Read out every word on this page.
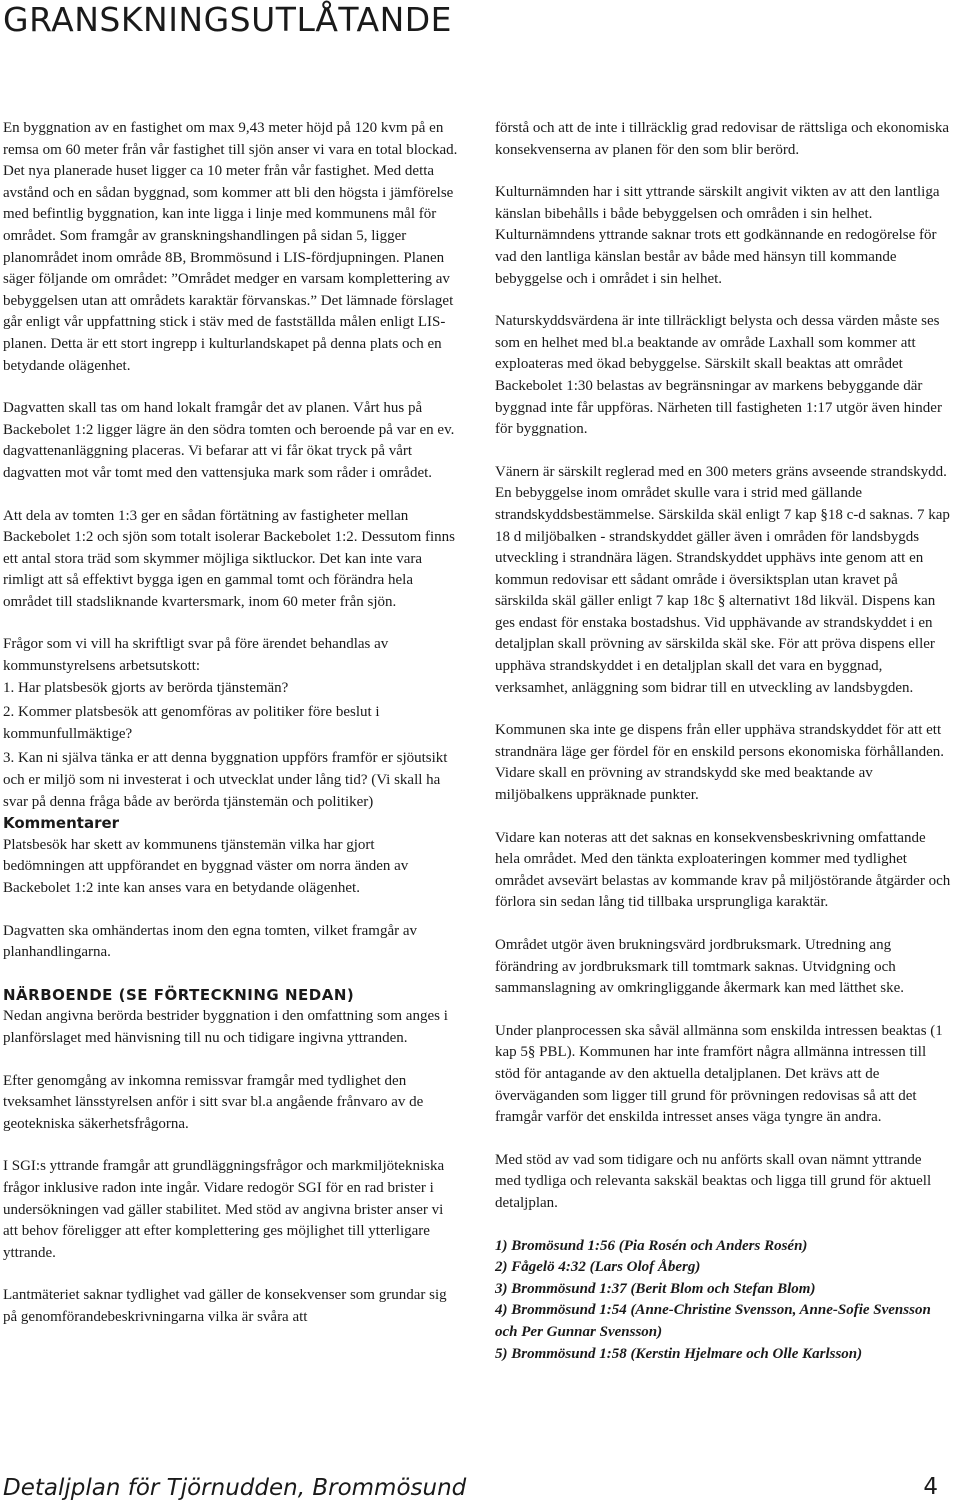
GRANSKNINGSUTLÅTANDE

En byggnation av en fastighet om max 9,43 meter höjd på 120 kvm på en remsa om 60 meter från vår fastighet till sjön anser vi vara en total blockad. Det nya planerade huset ligger ca 10 meter från vår fastighet. Med detta avstånd och en sådan byggnad, som kommer att bli den högsta i jämförelse med befintlig byggnation, kan inte ligga i linje med kommunens mål för området. Som framgår av granskningshandlingen på sidan 5, ligger planområdet inom område 8B, Brommösund i LIS-fördjupningen. Planen säger följande om området: ”Området medger en varsam komplettering av bebyggelsen utan att områdets karaktär förvanskas.” Det lämnade förslaget går enligt vår uppfattning stick i stäv med de fastställda målen enligt LIS-planen. Detta är ett stort ingrepp i kulturlandskapet på denna plats och en betydande olägenhet.

Dagvatten skall tas om hand lokalt framgår det av planen. Vårt hus på Backebolet 1:2 ligger lägre än den södra tomten och beroende på var en ev. dagvattenanläggning placeras. Vi befarar att vi får ökat tryck på vårt dagvatten mot vår tomt med den vattensjuka mark som råder i området.

Att dela av tomten 1:3 ger en sådan förtätning av fastigheter mellan Backebolet 1:2 och sjön som totalt isolerar Backebolet 1:2. Dessutom finns ett antal stora träd som skymmer möjliga siktluckor. Det kan inte vara rimligt att så effektivt bygga igen en gammal tomt och förändra hela området till stadsliknande kvartersmark, inom 60 meter från sjön.

Frågor som vi vill ha skriftligt svar på före ärendet behandlas av kommunstyrelsens arbetsutskott:

1. Har platsbesök gjorts av berörda tjänstemän?

2. Kommer platsbesök att genomföras av politiker före beslut i kommunfullmäktige?

3. Kan ni själva tänka er att denna byggnation uppförs framför er sjöutsikt och er miljö som ni investerat i och utvecklat under lång tid? (Vi skall ha svar på denna fråga både av berörda tjänstemän och politiker)

Kommentarer

Platsbesök har skett av kommunens tjänstemän vilka har gjort bedömningen att uppförandet en byggnad väster om norra änden av Backebolet 1:2 inte kan anses vara en betydande olägenhet.

Dagvatten ska omhändertas inom den egna tomten, vilket framgår av planhandlingarna.

NÄRBOENDE (SE FÖRTECKNING NEDAN)

Nedan angivna berörda bestrider byggnation i den omfattning som anges i planförslaget med hänvisning till nu och tidigare ingivna yttranden.

Efter genomgång av inkomna remissvar framgår med tydlighet den tveksamhet länsstyrelsen anför i sitt svar bl.a angående frånvaro av de geotekniska säkerhetsfrågorna.

I SGI:s yttrande framgår att grundläggningsfrågor och markmiljötekniska frågor inklusive radon inte ingår. Vidare redogör SGI för en rad brister i undersökningen vad gäller stabilitet. Med stöd av angivna brister anser vi att behov föreligger att efter komplettering ges möjlighet till ytterligare yttrande.

Lantmäteriet saknar tydlighet vad gäller de konsekvenser som grundar sig på genomförandebeskrivningarna vilka är svåra att

förstå och att de inte i tillräcklig grad redovisar de rättsliga och ekonomiska konsekvenserna av planen för den som blir berörd.

Kulturnämnden har i sitt yttrande särskilt angivit vikten av att den lantliga känslan bibehålls i både bebyggelsen och områden i sin helhet. Kulturnämndens yttrande saknar trots ett godkännande en redogörelse för vad den lantliga känslan består av både med hänsyn till kommande bebyggelse och i området i sin helhet.

Naturskyddsvärdena är inte tillräckligt belysta och dessa värden måste ses som en helhet med bl.a beaktande av område Laxhall som kommer att exploateras med ökad bebyggelse. Särskilt skall beaktas att området Backebolet 1:30 belastas av begränsningar av markens bebyggande där byggnad inte får uppföras. Närheten till fastigheten 1:17 utgör även hinder för byggnation.

Vänern är särskilt reglerad med en 300 meters gräns avseende strandskydd. En bebyggelse inom området skulle vara i strid med gällande strandskyddsbestämmelse. Särskilda skäl enligt 7 kap §18 c-d saknas. 7 kap 18 d miljöbalken - strandskyddet gäller även i områden för landsbygds utveckling i strandnära lägen. Strandskyddet upphävs inte genom att en kommun redovisar ett sådant område i översiktsplan utan kravet på särskilda skäl gäller enligt 7 kap 18c § alternativt 18d likväl. Dispens kan ges endast för enstaka bostadshus. Vid upphävande av strandskyddet i en detaljplan skall prövning av särskilda skäl ske. För att pröva dispens eller upphäva strandskyddet i en detaljplan skall det vara en byggnad, verksamhet, anläggning som bidrar till en utveckling av landsbygden.

Kommunen ska inte ge dispens från eller upphäva strandskyddet för att ett strandnära läge ger fördel för en enskild persons ekonomiska förhållanden. Vidare skall en prövning av strandskydd ske med beaktande av miljöbalkens uppräknade punkter.

Vidare kan noteras att det saknas en konsekvensbeskrivning omfattande hela området. Med den tänkta exploateringen kommer med tydlighet området avsevärt belastas av kommande krav på miljöstörande åtgärder och förlora sin sedan lång tid tillbaka ursprungliga karaktär.

Området utgör även brukningsvärd jordbruksmark. Utredning ang förändring av jordbruksmark till tomtmark saknas. Utvidgning och sammanslagning av omkringliggande åkermark kan med lätthet ske.

Under planprocessen ska såväl allmänna som enskilda intressen beaktas (1 kap 5§ PBL). Kommunen har inte framfört några allmänna intressen till stöd för antagande av den aktuella detaljplanen. Det krävs att de överväganden som ligger till grund för prövningen redovisas så att det framgår varför det enskilda intresset anses väga tyngre än andra.

Med stöd av vad som tidigare och nu anförts skall ovan nämnt yttrande med tydliga och relevanta sakskäl beaktas och ligga till grund för aktuell detaljplan.

1) Bromösund 1:56 (Pia Rosén och Anders Rosén)

2) Fågelö 4:32 (Lars Olof Åberg)

3) Brommösund 1:37 (Berit Blom och Stefan Blom)

4) Brommösund 1:54 (Anne-Christine Svensson, Anne-Sofie Svensson och Per Gunnar Svensson)

5) Brommösund 1:58 (Kerstin Hjelmare och Olle Karlsson)

Detaljplan för Tjörnudden, Brommösund	4
